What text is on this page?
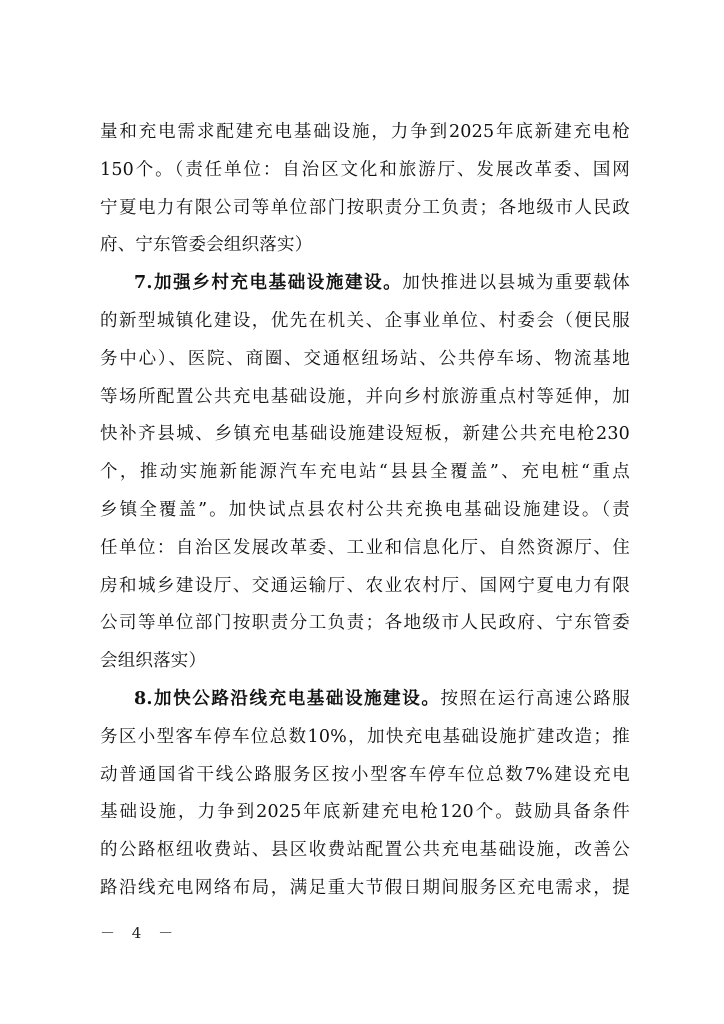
量和充电需求配建充电基础设施，力争到2025年底新建充电枪
150个。（责任单位：自治区文化和旅游厅、发展改革委、国网
宁夏电力有限公司等单位部门按职责分工负责；各地级市人民政
府、宁东管委会组织落实）
7.加强乡村充电基础设施建设。加快推进以县城为重要载体
的新型城镇化建设，优先在机关、企事业单位、村委会（便民服
务中心）、医院、商圈、交通枢纽场站、公共停车场、物流基地
等场所配置公共充电基础设施，并向乡村旅游重点村等延伸，加
快补齐县城、乡镇充电基础设施建设短板，新建公共充电枪230
个，推动实施新能源汽车充电站“县县全覆盖”、充电桩“重点
乡镇全覆盖”。加快试点县农村公共充换电基础设施建设。（责
任单位：自治区发展改革委、工业和信息化厅、自然资源厅、住
房和城乡建设厅、交通运输厅、农业农村厅、国网宁夏电力有限
公司等单位部门按职责分工负责；各地级市人民政府、宁东管委
会组织落实）
8.加快公路沿线充电基础设施建设。按照在运行高速公路服
务区小型客车停车位总数10%，加快充电基础设施扩建改造；推
动普通国省干线公路服务区按小型客车停车位总数7%建设充电
基础设施，力争到2025年底新建充电枪120个。鼓励具备条件
的公路枢纽收费站、县区收费站配置公共充电基础设施，改善公
路沿线充电网络布局，满足重大节假日期间服务区充电需求，提
－ 4 －
